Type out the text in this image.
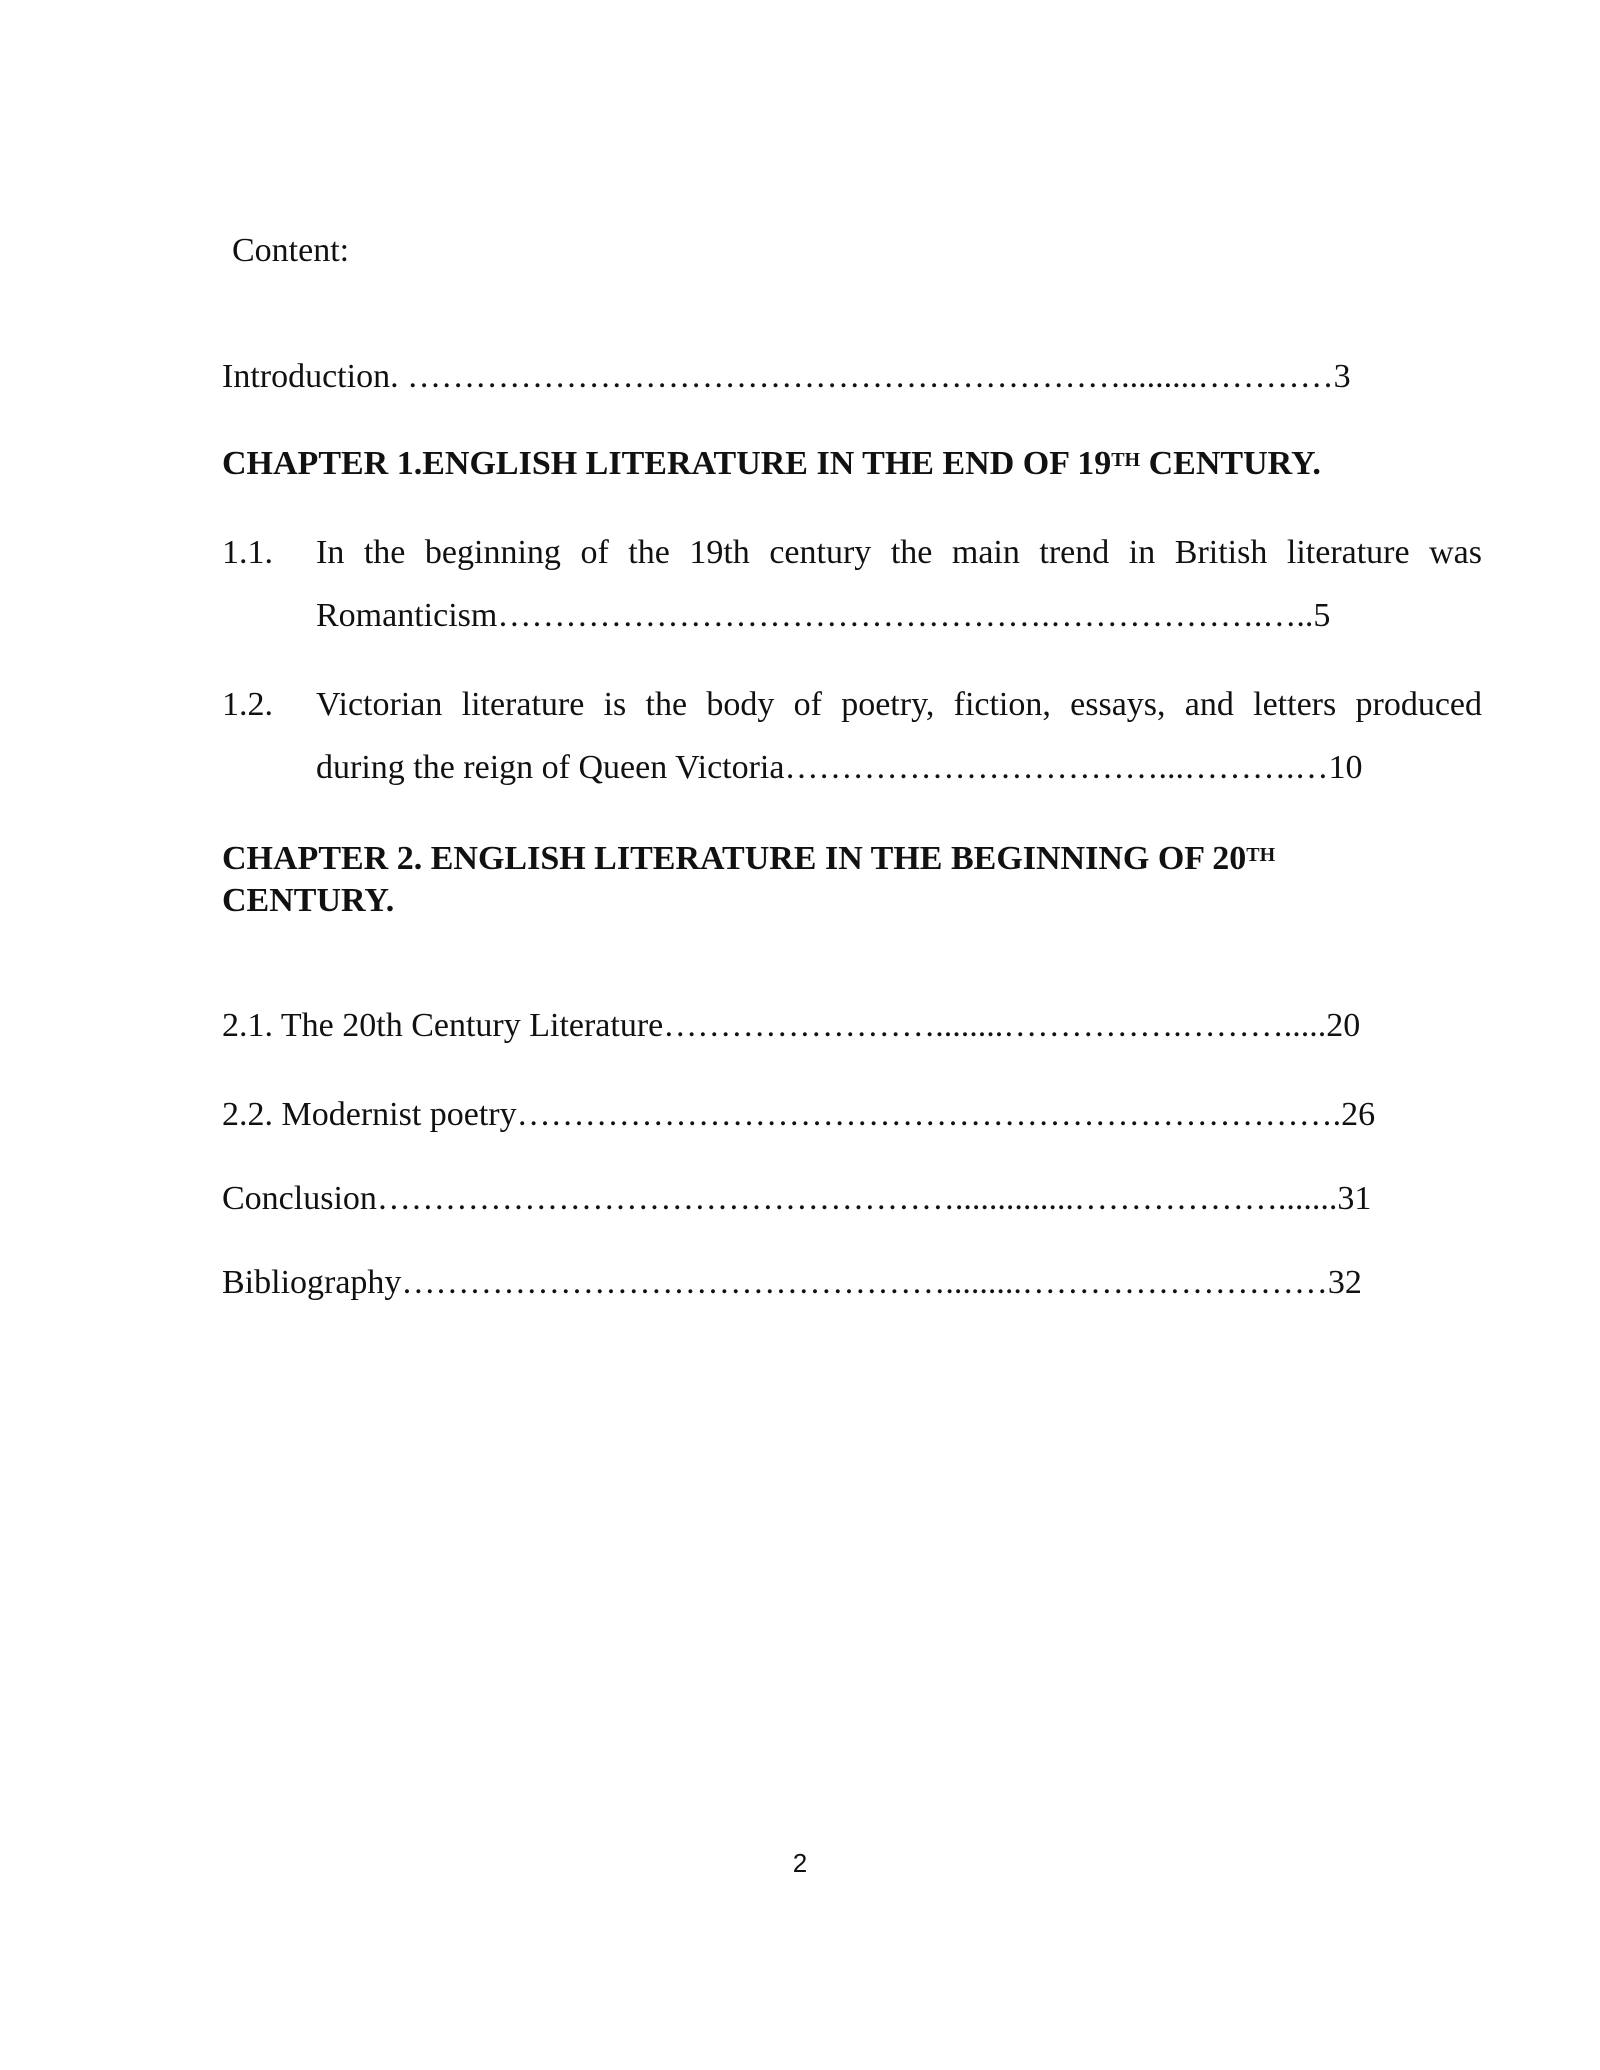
Content:
Introduction. ……………………………………………………….........…………3
CHAPTER 1.ENGLISH LITERATURE IN THE END OF 19TH CENTURY.
1.1. In the beginning of the 19th century the main trend in British literature was
Romanticism………………………………………….……………….…..5
1.2. Victorian literature is the body of poetry, fiction, essays, and letters produced
during the reign of Queen Victoria……………………………...……….…10
CHAPTER 2. ENGLISH LITERATURE IN THE BEGINNING OF 20TH
CENTURY.
2.1. The 20th Century Literature……………………........…………….……….....20
2.2. Modernist poetry……………………………………………………………….26
Conclusion……………………………………………..............……………….......31
Bibliography………………………………………….........………………………32
2
